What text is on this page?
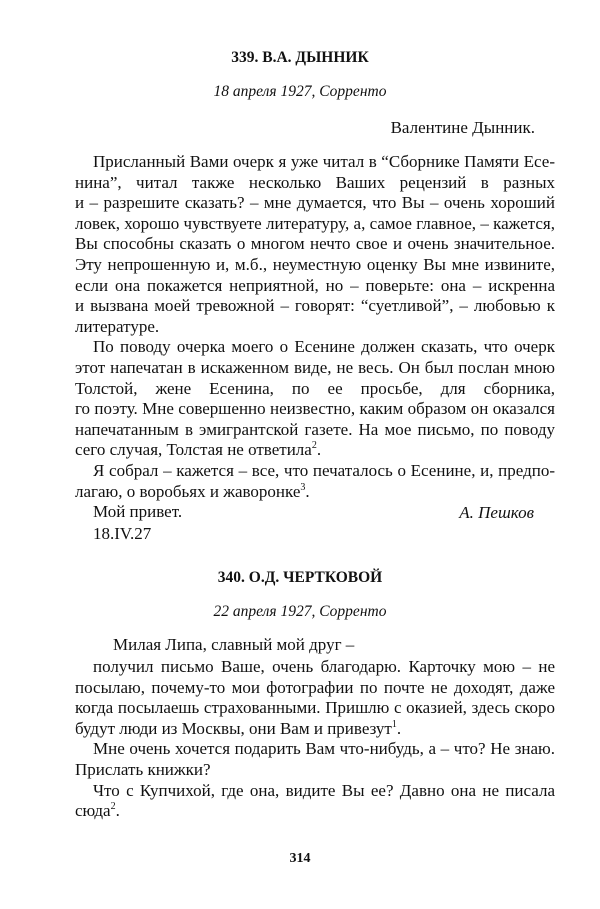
339. В.А. ДЫННИК
18 апреля 1927, Сорренто
Валентине Дынник.
Присланный Вами очерк я уже читал в “Сборнике Памяти Есе-
нина”, читал также несколько Ваших рецензий в разных
и – разрешите сказать? – мне думается, что Вы – очень хороший
ловек, хорошо чувствуете литературу, а, самое главное, – кажется,
Вы способны сказать о многом нечто свое и очень значительное.
Эту непрошенную и, м.б., неуместную оценку Вы мне извините,
если она покажется неприятной, но – поверьте: она – искренна
и вызвана моей тревожной – говорят: “суетливой”, – любовью к
литературе.
По поводу очерка моего о Есенине должен сказать, что очерк
этот напечатан в искаженном виде, не весь. Он был послан мною
Толстой, жене Есенина, по ее просьбе, для сборника,
го поэту. Мне совершенно неизвестно, каким образом он оказался
напечатанным в эмигрантской газете. На мое письмо, по поводу
сего случая, Толстая не ответила$^2$.
Я собрал – кажется – все, что печаталось о Есенине, и, предпо-
лагаю, о воробьях и жаворонке$^3$.
Мой привет.	А. Пешков
18.IV.27
340. О.Д. ЧЕРТКОВОЙ
22 апреля 1927, Сорренто
Милая Липа, славный мой друг –
получил письмо Ваше, очень благодарю. Карточку мою – не
посылаю, почему-то мои фотографии по почте не доходят, даже
когда посылаешь страхованными. Пришлю с оказией, здесь скоро
будут люди из Москвы, они Вам и привезут$^1$.
Мне очень хочется подарить Вам что-нибудь, а – что? Не знаю.
Прислать книжки?
Что с Купчихой, где она, видите Вы ее? Давно она не писала
сюда$^2$.
314
